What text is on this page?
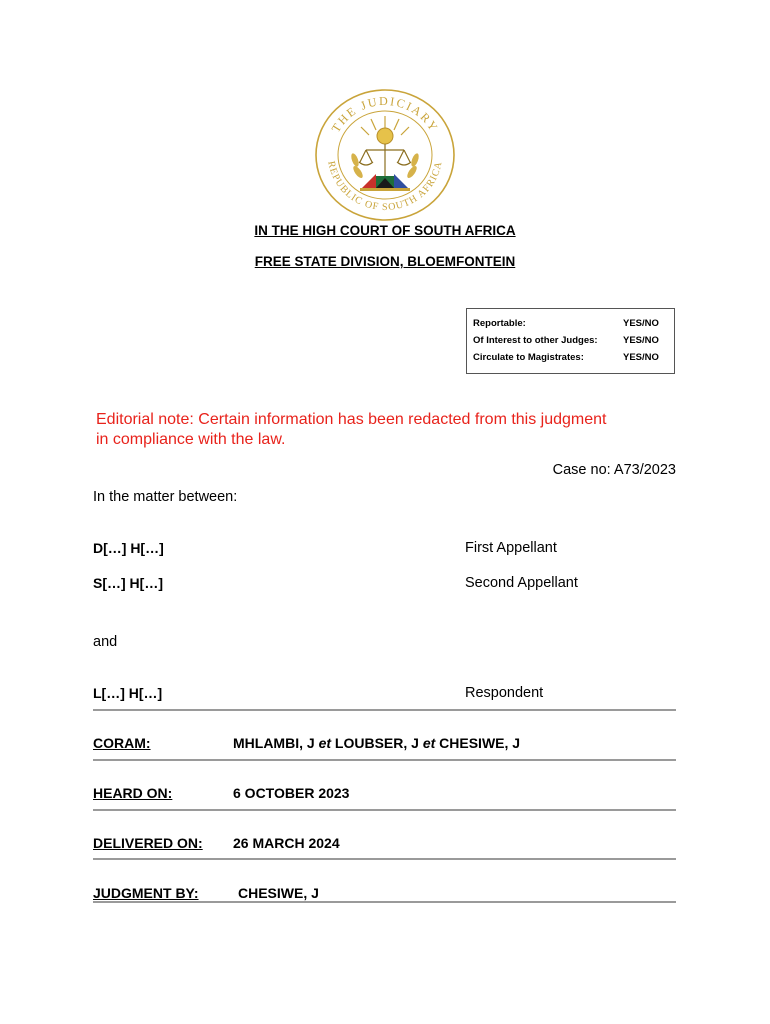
THE JUDICIARY
REPUBLIC OF SOUTH AFRICA
IN THE HIGH COURT OF SOUTH AFRICA
FREE STATE DIVISION, BLOEMFONTEIN
Reportable:	YES/NO
Of Interest to other Judges:	YES/NO
Circulate to Magistrates:	YES/NO
Editorial note: Certain information has been redacted from this judgment in compliance with the law.
Case no: A73/2023
In the matter between:
D[…] H[…]	First Appellant
S[…] H[…]	Second Appellant
and
L[…] H[…]	Respondent
CORAM:	MHLAMBI, J et LOUBSER, J et CHESIWE, J
HEARD ON:	6 OCTOBER 2023
DELIVERED ON: 26 MARCH 2024
JUDGMENT BY:	CHESIWE, J
